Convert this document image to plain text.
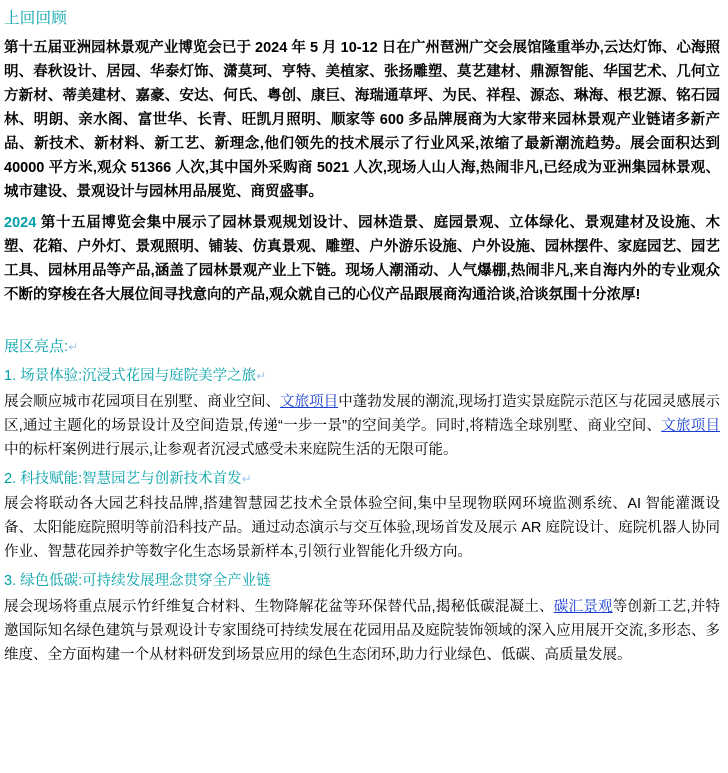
上回回顾

第十五届亚洲园林景观产业博览会已于 2024 年 5 月 10-12 日在广州琶洲广交会展馆隆重举办,云达灯饰、心海照明、春秋设计、居园、华泰灯饰、潇莫珂、亨特、美植家、张扬雕塑、莫艺建材、鼎源智能、华国艺术、几何立方新材、蒂美建材、嘉豪、安达、何氏、粤创、康巨、海瑞通草坪、为民、祥程、源态、琳海、根艺源、铭石园林、明朗、亲水阁、富世华、长青、旺凯月照明、顺家等 600 多品牌展商为大家带来园林景观产业链诸多新产品、新技术、新材料、新工艺、新理念,他们领先的技术展示了行业风采,浓缩了最新潮流趋势。展会面积达到 40000 平方米,观众 51366 人次,其中国外采购商 5021 人次,现场人山人海,热闹非凡,已经成为亚洲集园林景观、城市建设、景观设计与园林用品展览、商贸盛事。

2024 第十五届博览会集中展示了园林景观规划设计、园林造景、庭园景观、立体绿化、景观建材及设施、木塑、花箱、户外灯、景观照明、铺装、仿真景观、雕塑、户外游乐设施、户外设施、园林摆件、家庭园艺、园艺工具、园林用品等产品,涵盖了园林景观产业上下链。现场人潮涌动、人气爆棚,热闹非凡,来自海内外的专业观众不断的穿梭在各大展位间寻找意向的产品,观众就自己的心仪产品跟展商沟通洽谈,洽谈氛围十分浓厚!

展区亮点:↵

1. 场景体验:沉浸式花园与庭院美学之旅↵

展会顺应城市花园项目在别墅、商业空间、文旅项目中蓬勃发展的潮流,现场打造实景庭院示范区与花园灵感展示区,通过主题化的场景设计及空间造景,传递“一步一景”的空间美学。同时,将精选全球别墅、商业空间、文旅项目中的标杆案例进行展示,让参观者沉浸式感受未来庭院生活的无限可能。

2. 科技赋能:智慧园艺与创新技术首发↵

展会将联动各大园艺科技品牌,搭建智慧园艺技术全景体验空间,集中呈现物联网环境监测系统、AI 智能灌溉设备、太阳能庭院照明等前沿科技产品。通过动态演示与交互体验,现场首发及展示 AR 庭院设计、庭院机器人协同作业、智慧花园养护等数字化生态场景新样本,引领行业智能化升级方向。

3. 绿色低碳:可持续发展理念贯穿全产业链

展会现场将重点展示竹纤维复合材料、生物降解花盆等环保替代品,揭秘低碳混凝土、碳汇景观等创新工艺,并特邀国际知名绿色建筑与景观设计专家围绕可持续发展在花园用品及庭院装饰领域的深入应用展开交流,多形态、多维度、全方面构建一个从材料研发到场景应用的绿色生态闭环,助力行业绿色、低碳、高质量发展。
